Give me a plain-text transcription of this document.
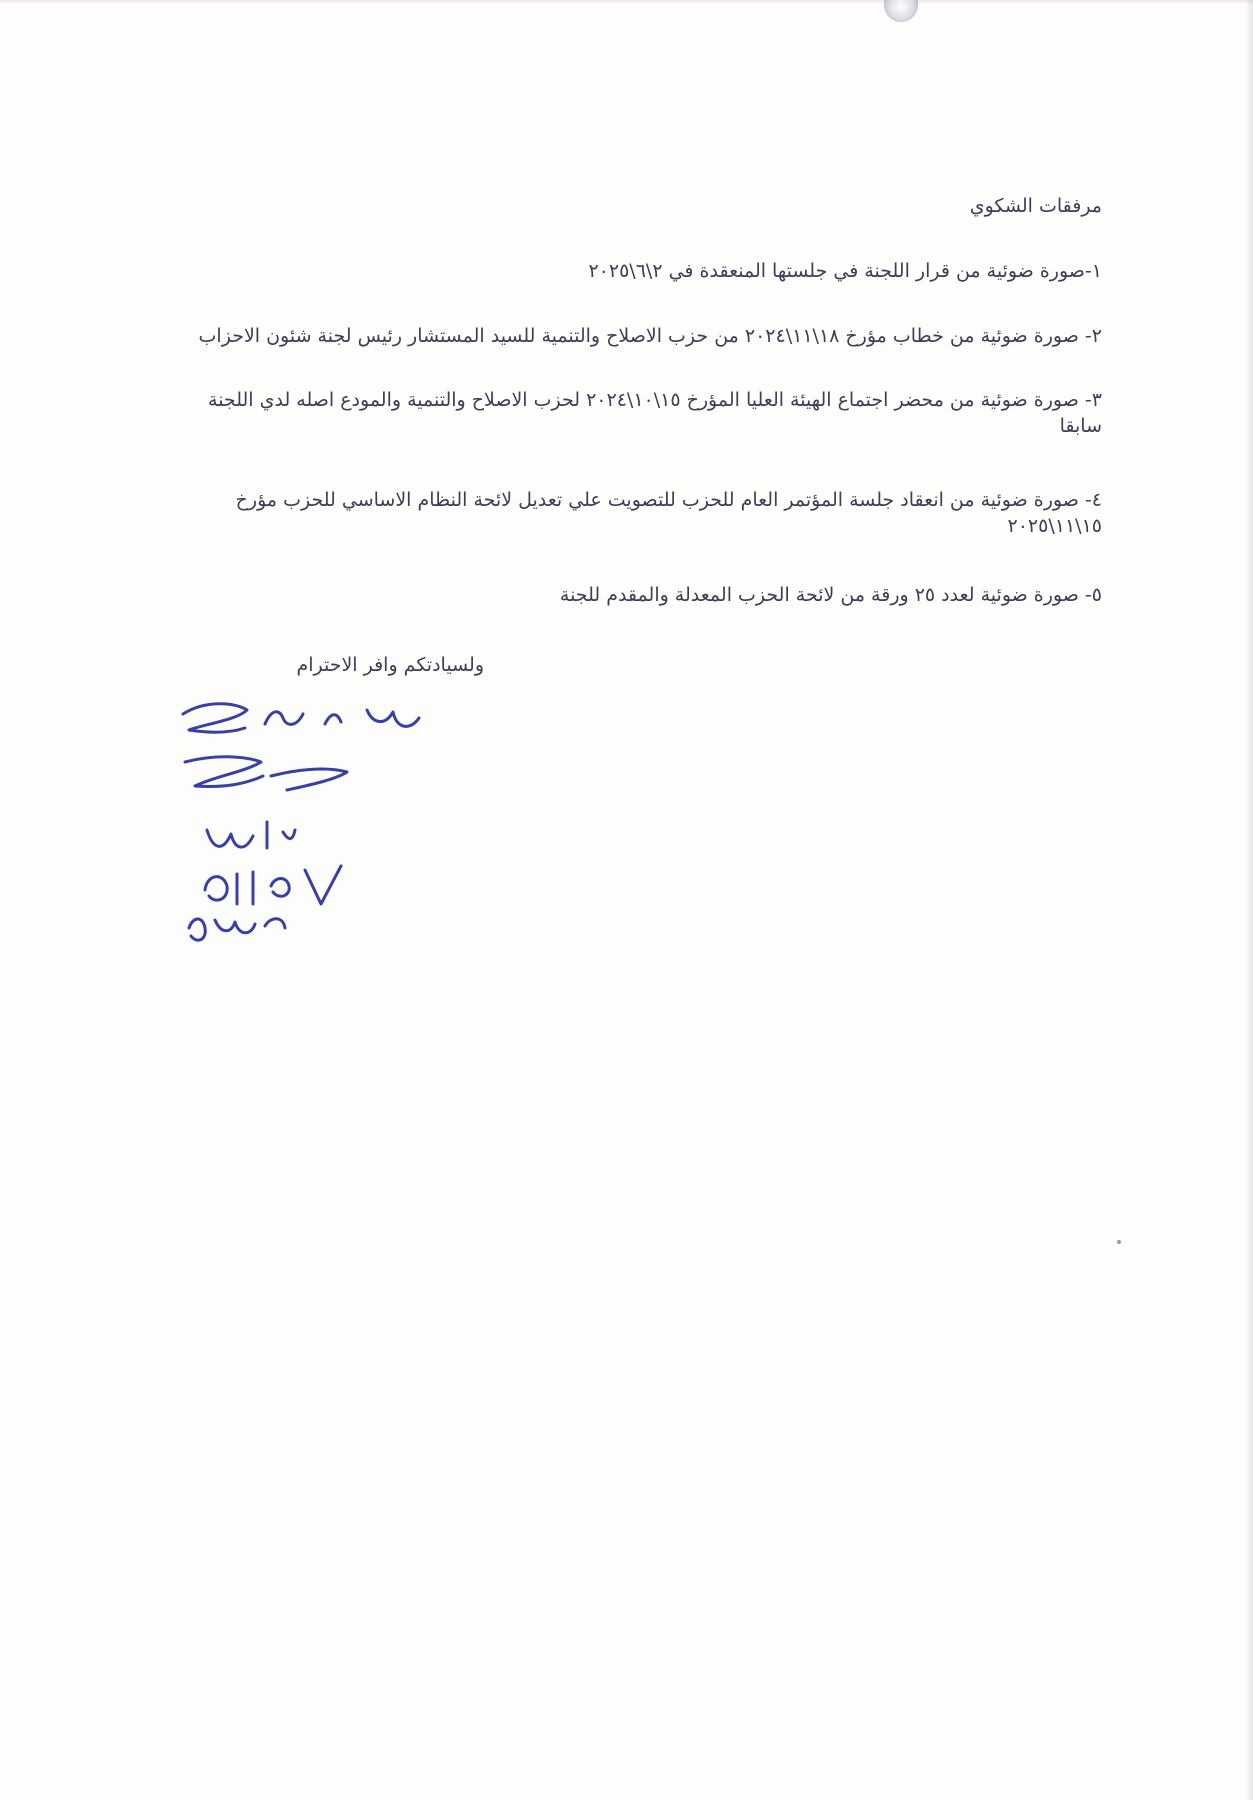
مرفقات الشكوي
١-صورة ضوئية من قرار اللجنة في جلستها المنعقدة في ٢\٦\٢٠٢٥
٢- صورة ضوئية من خطاب مؤرخ ١٨\١١\٢٠٢٤ من حزب الاصلاح والتنمية للسيد المستشار رئيس لجنة شئون الاحزاب
٣- صورة ضوئية من محضر اجتماع الهيئة العليا المؤرخ ١٥\١٠\٢٠٢٤ لحزب الاصلاح والتنمية والمودع اصله لدي اللجنة
سابقا
٤- صورة ضوئية من انعقاد جلسة المؤتمر العام للحزب للتصويت علي تعديل لائحة النظام الاساسي للحزب مؤرخ
١٥\١١\٢٠٢٥
٥- صورة ضوئية لعدد ٢٥ ورقة من لائحة الحزب المعدلة والمقدم للجنة
ولسيادتكم وافر الاحترام
